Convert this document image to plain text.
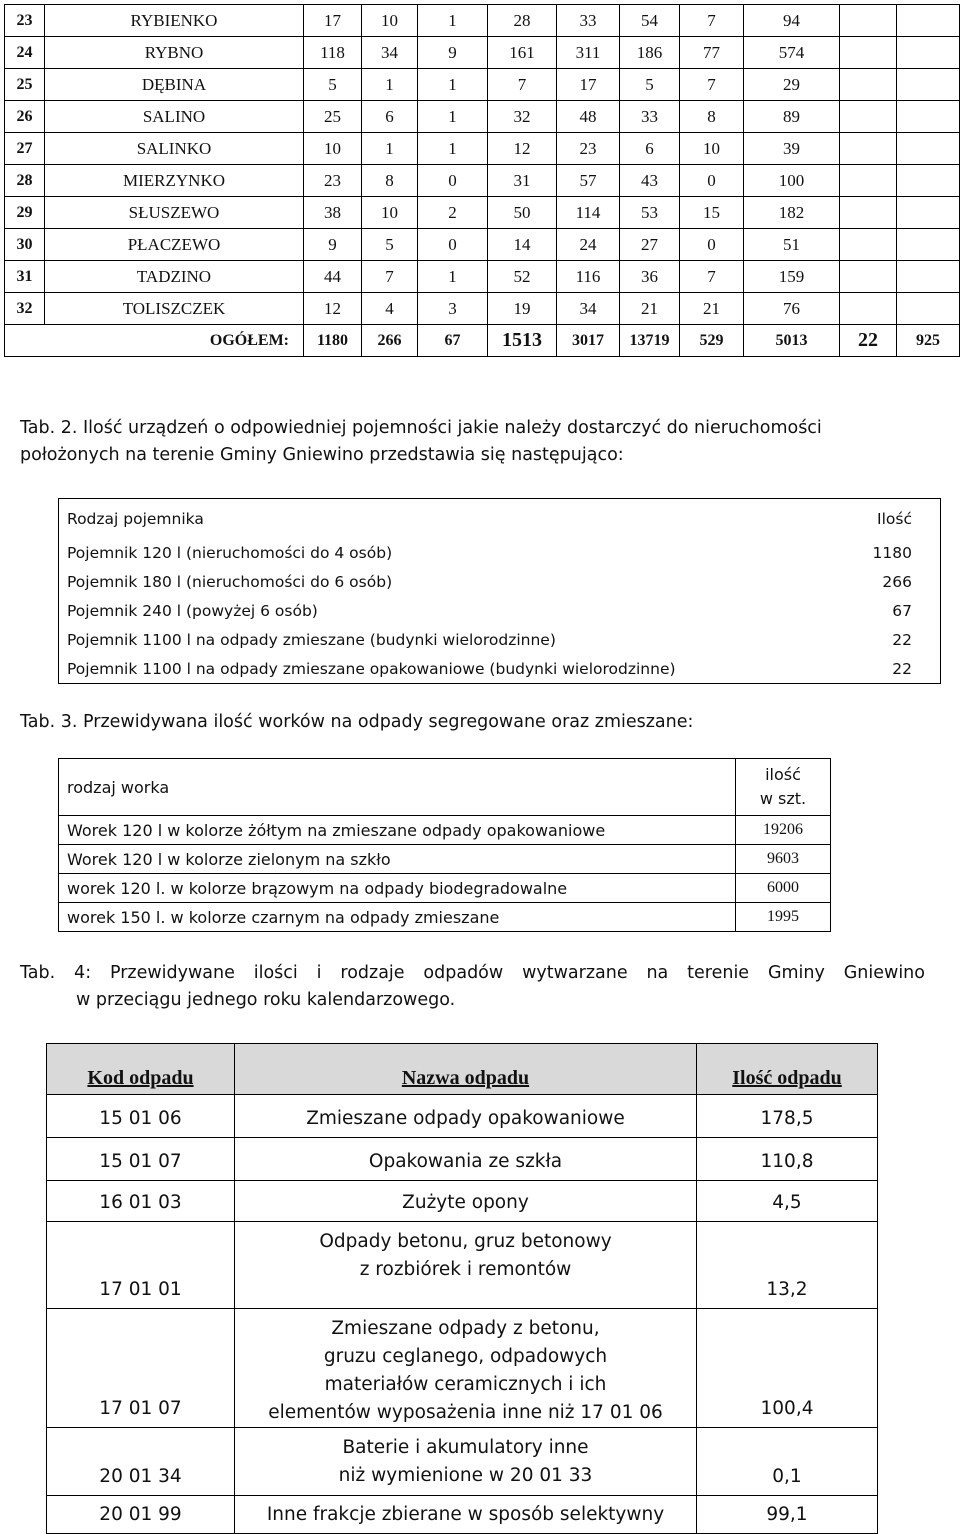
23	RYBIENKO	17	10	1	28	33	54	7	94		
24	RYBNO	118	34	9	161	311	186	77	574		
25	DĘBINA	5	1	1	7	17	5	7	29		
26	SALINO	25	6	1	32	48	33	8	89		
27	SALINKO	10	1	1	12	23	6	10	39		
28	MIERZYNKO	23	8	0	31	57	43	0	100		
29	SŁUSZEWO	38	10	2	50	114	53	15	182		
30	PŁACZEWO	9	5	0	14	24	27	0	51		
31	TADZINO	44	7	1	52	116	36	7	159		
32	TOLISZCZEK	12	4	3	19	34	21	21	76		
	OGÓŁEM:	1180	266	67	1513	3017	13719	529	5013	22	925
Tab. 2. Ilość urządzeń o odpowiedniej pojemności jakie należy dostarczyć do nieruchomości
położonych na terenie Gminy Gniewino przedstawia się następująco:
Rodzaj pojemnika	Ilość
Pojemnik 120 l (nieruchomości do 4 osób)	1180
Pojemnik 180 l (nieruchomości do 6 osób)	266
Pojemnik 240 l (powyżej 6 osób)	67
Pojemnik 1100 l na odpady zmieszane (budynki wielorodzinne)	22
Pojemnik 1100 l na odpady zmieszane opakowaniowe (budynki wielorodzinne)	22
Tab. 3. Przewidywana ilość worków na odpady segregowane oraz zmieszane:
rodzaj worka	ilość
w szt.

Worek 120 l w kolorze żółtym na zmieszane odpady opakowaniowe	19206
Worek 120 l w kolorze zielonym na szkło	9603
worek 120 l. w kolorze brązowym na odpady biodegradowalne	6000
worek 150 l. w kolorze czarnym na odpady zmieszane	1995
Tab. 4: Przewidywane ilości i rodzaje odpadów wytwarzane na terenie Gminy Gniewino
w przeciągu jednego roku kalendarzowego.
Kod odpadu	Nazwa odpadu	Ilość odpadu
15 01 06	Zmieszane odpady opakowaniowe	178,5
15 01 07	Opakowania ze szkła	110,8
16 01 03	Zużyte opony	4,5
17 01 01	Odpady betonu, gruz betonowy
z rozbiórek i remontów	13,2
17 01 07	Zmieszane odpady z betonu,
gruzu ceglanego, odpadowych
materiałów ceramicznych i ich
elementów wyposażenia inne niż 17 01 06	100,4
20 01 34	Baterie i akumulatory inne
niż wymienione w 20 01 33	0,1
20 01 99	Inne frakcje zbierane w sposób selektywny	99,1
